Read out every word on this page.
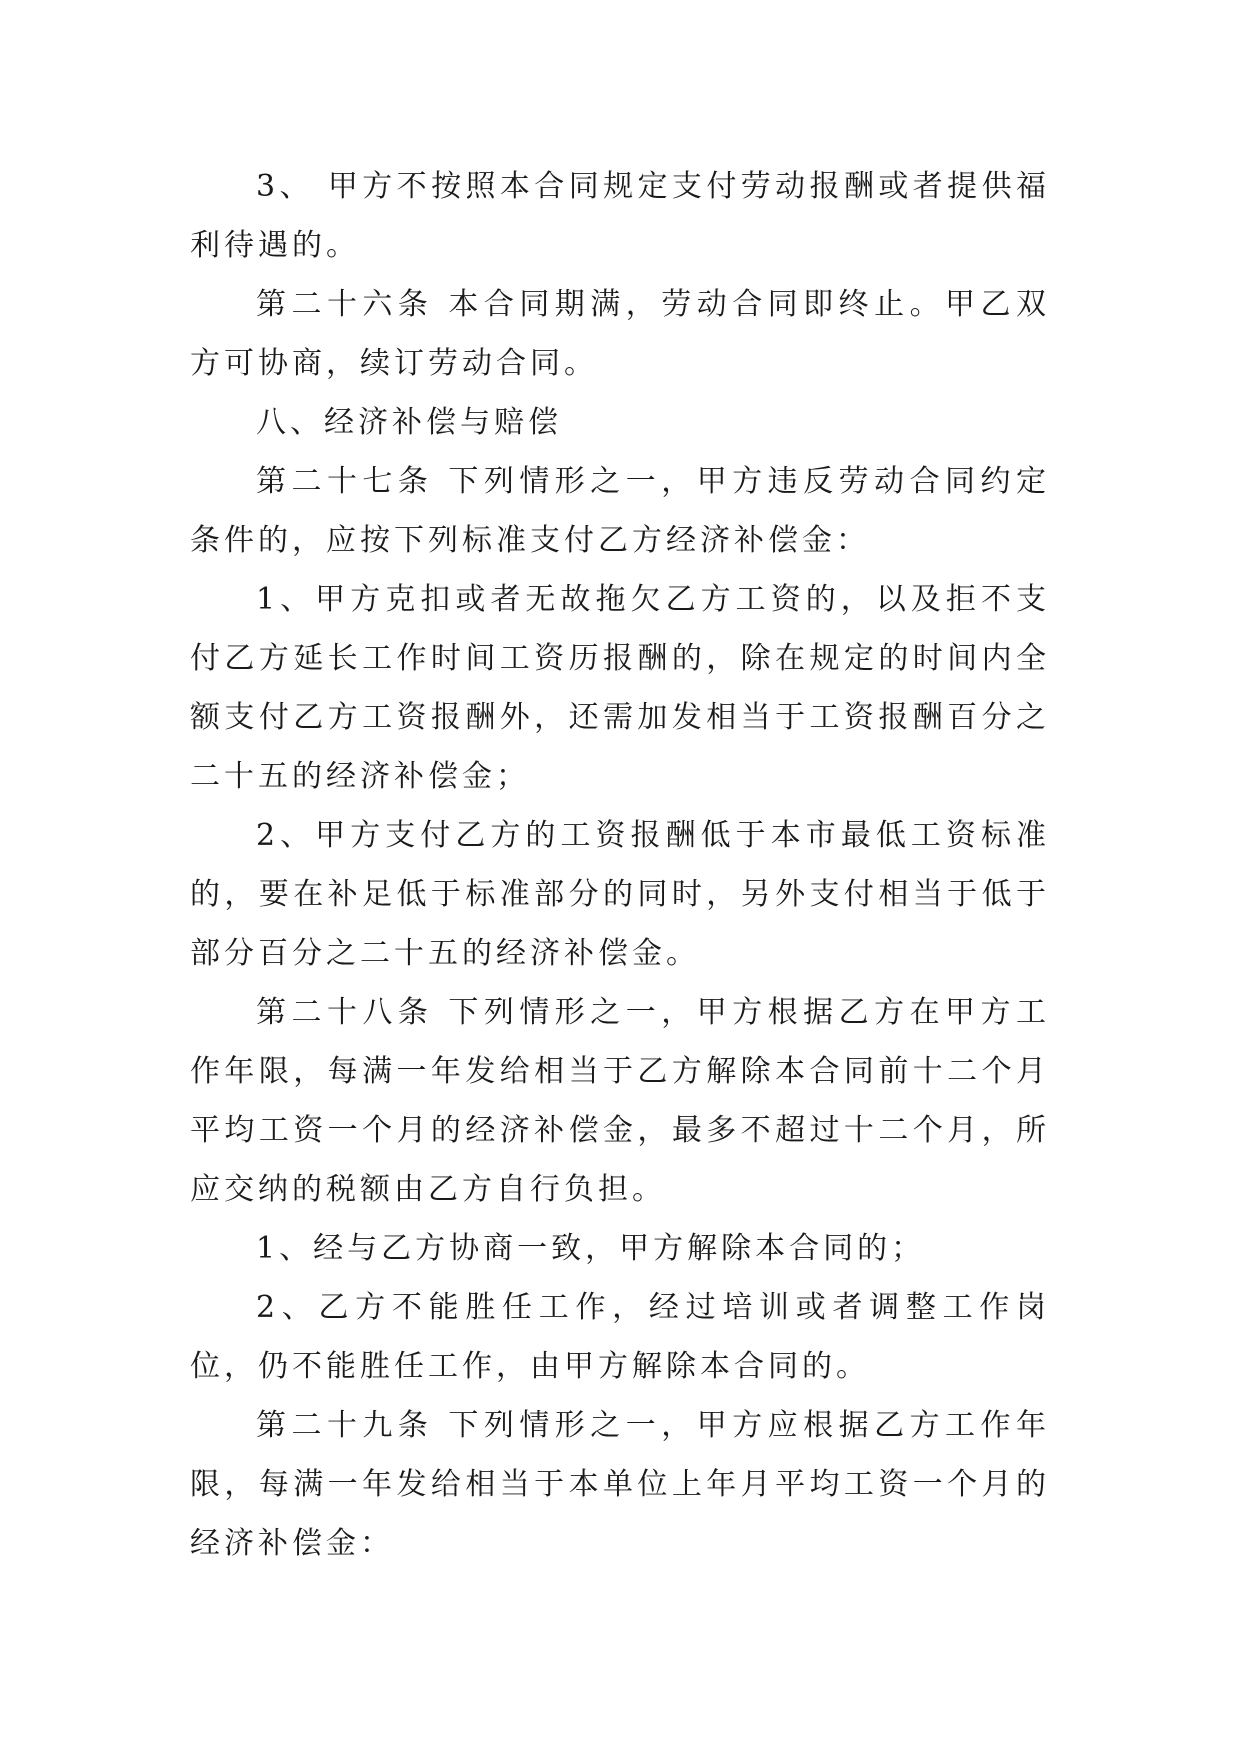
3、 甲方不按照本合同规定支付劳动报酬或者提供福利待遇的。

第二十六条 本合同期满，劳动合同即终止。甲乙双方可协商，续订劳动合同。

八、经济补偿与赔偿

第二十七条 下列情形之一，甲方违反劳动合同约定条件的，应按下列标准支付乙方经济补偿金：

1、甲方克扣或者无故拖欠乙方工资的，以及拒不支付乙方延长工作时间工资历报酬的，除在规定的时间内全额支付乙方工资报酬外，还需加发相当于工资报酬百分之二十五的经济补偿金；

2、甲方支付乙方的工资报酬低于本市最低工资标准的，要在补足低于标准部分的同时，另外支付相当于低于部分百分之二十五的经济补偿金。

第二十八条 下列情形之一，甲方根据乙方在甲方工作年限，每满一年发给相当于乙方解除本合同前十二个月平均工资一个月的经济补偿金，最多不超过十二个月，所应交纳的税额由乙方自行负担。

1、经与乙方协商一致，甲方解除本合同的；

2、乙方不能胜任工作，经过培训或者调整工作岗位，仍不能胜任工作，由甲方解除本合同的。

第二十九条 下列情形之一，甲方应根据乙方工作年限，每满一年发给相当于本单位上年月平均工资一个月的经济补偿金：
